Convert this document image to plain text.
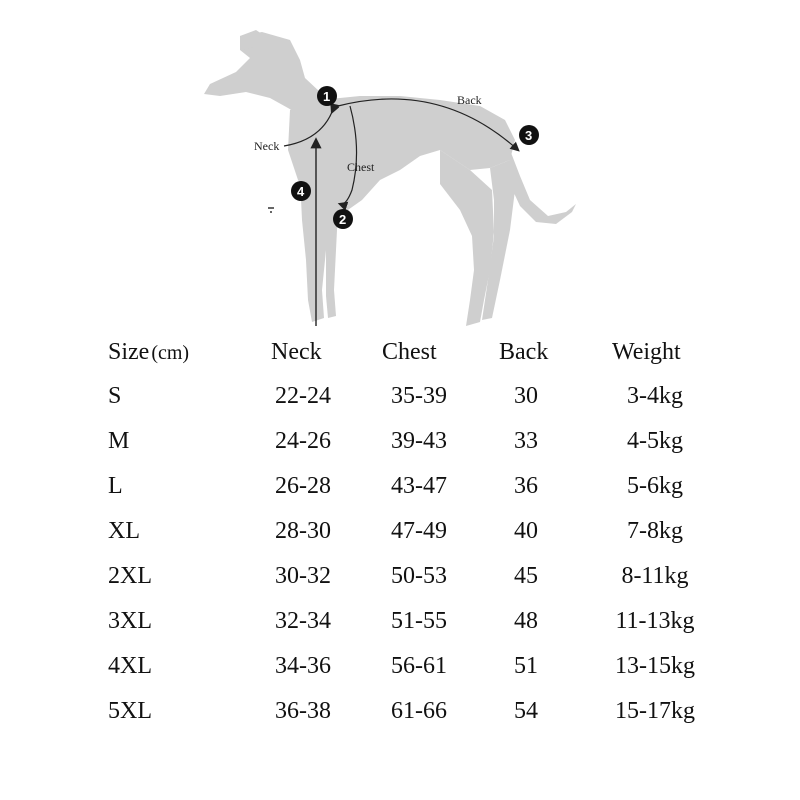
Neck
Chest
Back
1
2
3
4
Size (cm)	Neck	Chest	Back	Weight
S	22-24	35-39	30	3-4kg
M	24-26	39-43	33	4-5kg
L	26-28	43-47	36	5-6kg
XL	28-30	47-49	40	7-8kg
2XL	30-32	50-53	45	8-11kg
3XL	32-34	51-55	48	11-13kg
4XL	34-36	56-61	51	13-15kg
5XL	36-38	61-66	54	15-17kg
